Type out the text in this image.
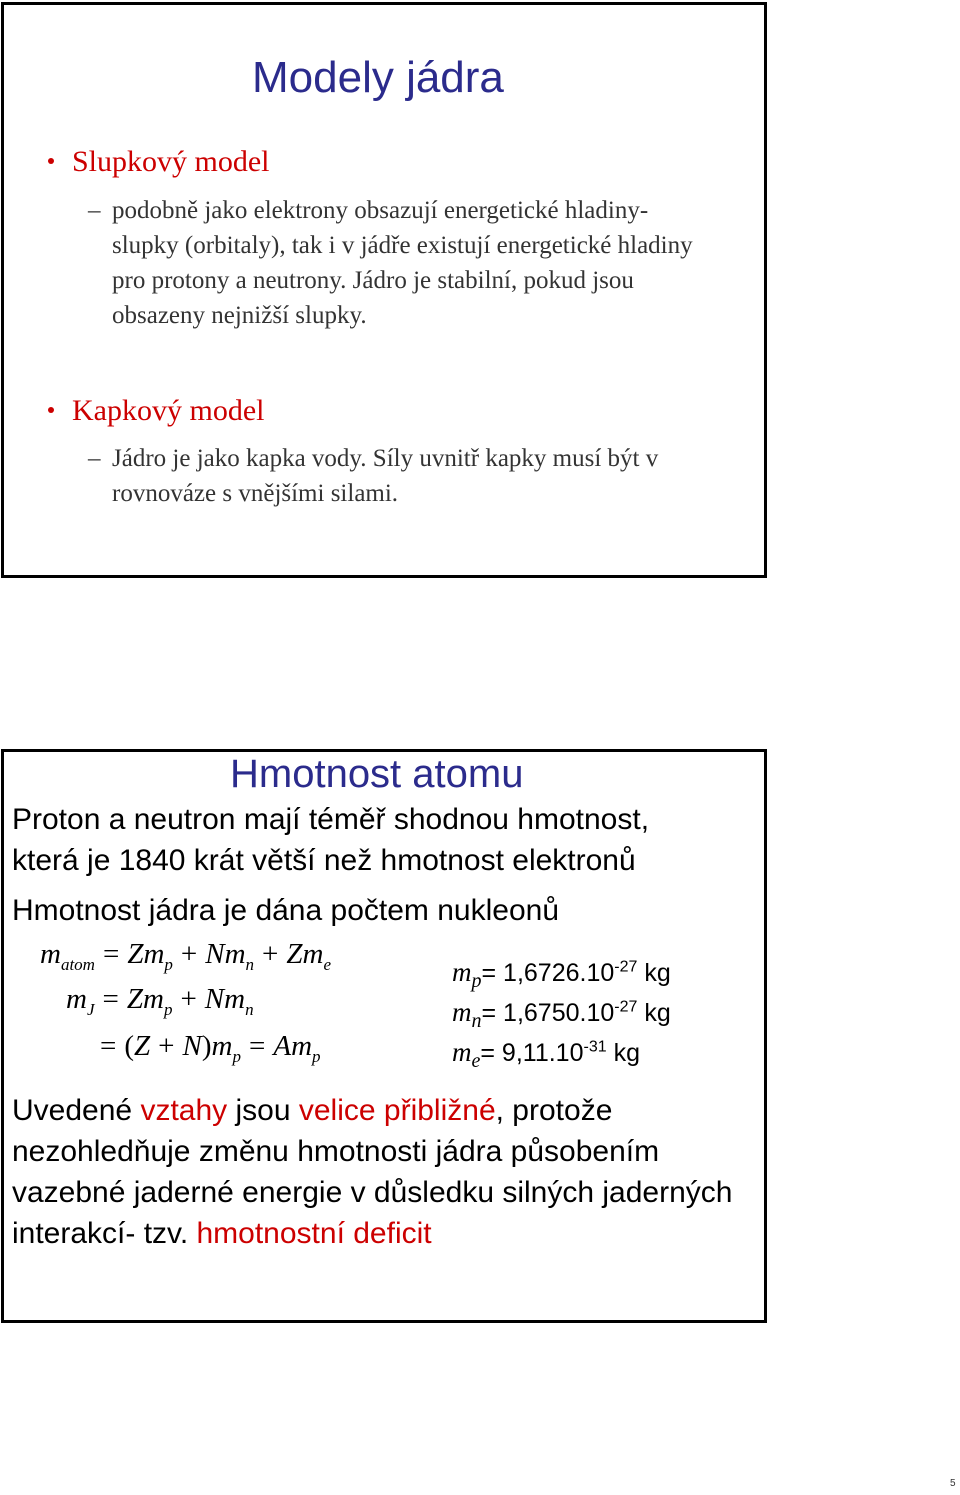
Modely jádra
Slupkový model
– podobně jako elektrony obsazují energetické hladiny- slupky (orbitaly), tak i v jádře existují energetické hladiny pro protony a neutrony. Jádro je stabilní, pokud jsou obsazeny nejnižší slupky.
Kapkový model
– Jádro je jako kapka vody. Síly uvnitř kapky musí být v rovnováze s vnějšími silami.
Hmotnost atomu
Proton a neutron mají téměř shodnou hmotnost,
která je 1840 krát větší než hmotnost elektronů
Hmotnost jádra je dána počtem nukleonů
$m_{atom} = Zm_p + Nm_n + Zm_e$
$m_J = Zm_p + Nm_n$
= $(Z + N)m_p = Am_p$
$m_p= 1,6726.10^{-27}$ kg
$m_n= 1,6750.10^{-27}$ kg
$m_e= 9,11.10^{-31}$ kg
Uvedené vztahy jsou velice přibližné, protože nezohledňuje změnu hmotnosti jádra působením vazebné jaderné energie v důsledku silných jaderných interakcí- tzv. hmotnostní deficit
5
